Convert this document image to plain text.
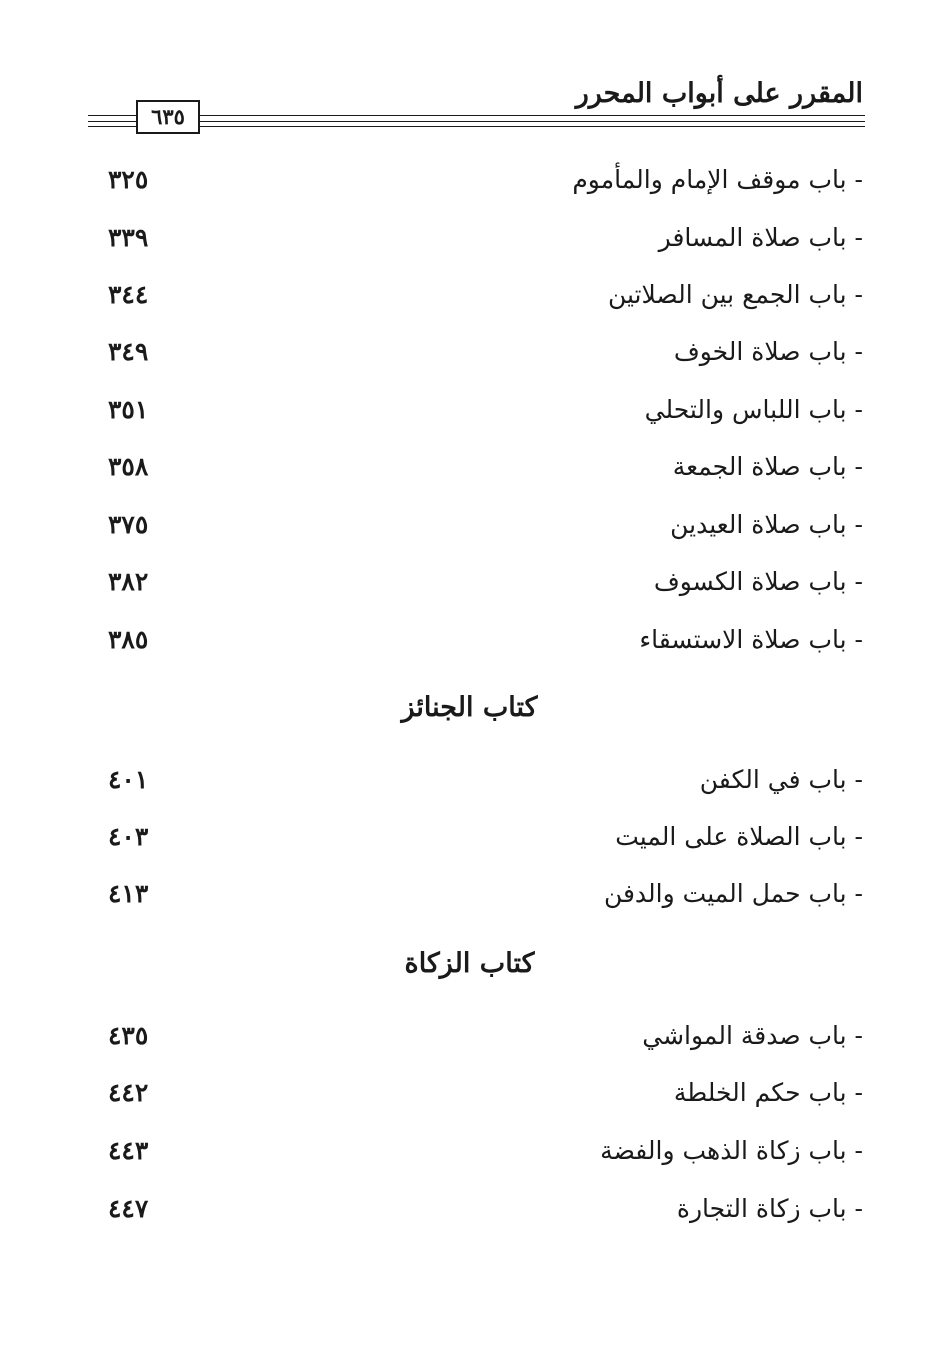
المقرر على أبواب المحرر
٦٣٥
- باب موقف الإمام والمأموم
٣٢٥
- باب صلاة المسافر
٣٣٩
- باب الجمع بين الصلاتين
٣٤٤
- باب صلاة الخوف
٣٤٩
- باب اللباس والتحلي
٣٥١
- باب صلاة الجمعة
٣٥٨
- باب صلاة العيدين
٣٧٥
- باب صلاة الكسوف
٣٨٢
- باب صلاة الاستسقاء
٣٨٥
كتاب الجنائز
- باب في الكفن
٤٠١
- باب الصلاة على الميت
٤٠٣
- باب حمل الميت والدفن
٤١٣
كتاب الزكاة
- باب صدقة المواشي
٤٣٥
- باب حكم الخلطة
٤٤٢
- باب زكاة الذهب والفضة
٤٤٣
- باب زكاة التجارة
٤٤٧
